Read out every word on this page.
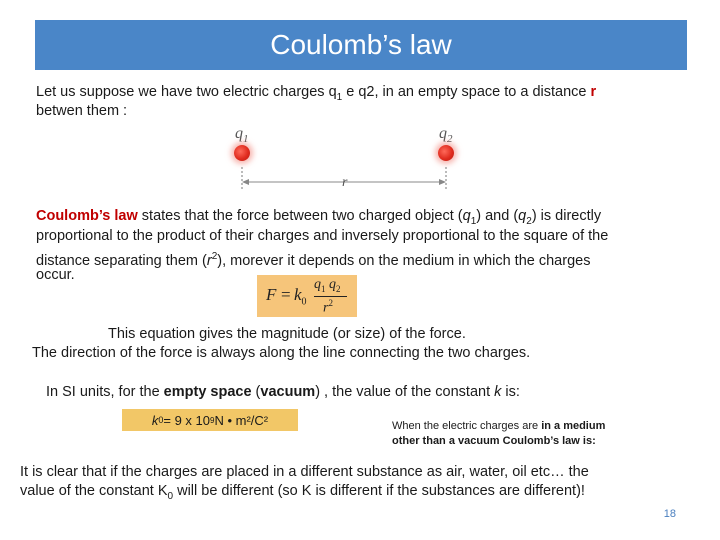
Coulomb’s law
Let us suppose we have two electric charges $q_1$ e q2, in an empty space to a distance r
betwen them :
$q_1$	$q_2$
r
Coulomb’s law states that the force between two charged object $(q_1)$ and $(q_2)$ is directly
proportional to the product of their charges and inversely proportional to the square of the
distance separating them $(r^2)$, morever it depends on the medium in which the charges
occur.
$F = k_0$
$q_1$ $q_2$
$r^2$
This equation gives the magnitude (or size) of the force.
The direction of the force is always along the line connecting the two charges.
In SI units, for the empty space (vacuum) , the value of the constant k is:
k 0 = 9 x 10 9 N • m²/C²	When the electric charges are in a medium
other than a vacuum Coulomb’s law is:
It is clear that if the charges are placed in a different substance as air, water, oil etc… the
value of the constant $K_0$ will be different (so K is different if the substances are different)!
18
